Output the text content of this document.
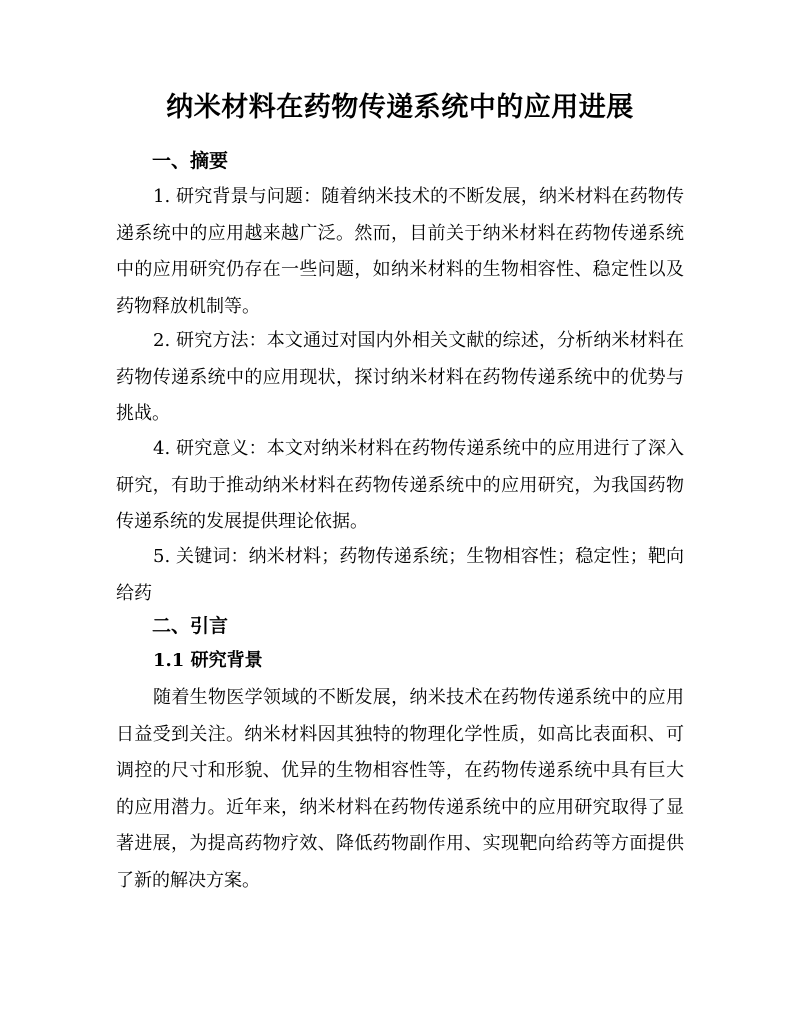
纳米材料在药物传递系统中的应用进展
一、摘要

1. 研究背景与问题：随着纳米技术的不断发展，纳米材料在药物传递系统中的应用越来越广泛。然而，目前关于纳米材料在药物传递系统中的应用研究仍存在一些问题，如纳米材料的生物相容性、稳定性以及药物释放机制等。

2. 研究方法：本文通过对国内外相关文献的综述，分析纳米材料在药物传递系统中的应用现状，探讨纳米材料在药物传递系统中的优势与挑战。

4. 研究意义：本文对纳米材料在药物传递系统中的应用进行了深入研究，有助于推动纳米材料在药物传递系统中的应用研究，为我国药物传递系统的发展提供理论依据。

5. 关键词：纳米材料；药物传递系统；生物相容性；稳定性；靶向给药

二、引言
1.1 研究背景

随着生物医学领域的不断发展，纳米技术在药物传递系统中的应用日益受到关注。纳米材料因其独特的物理化学性质，如高比表面积、可调控的尺寸和形貌、优异的生物相容性等，在药物传递系统中具有巨大的应用潜力。近年来，纳米材料在药物传递系统中的应用研究取得了显著进展，为提高药物疗效、降低药物副作用、实现靶向给药等方面提供了新的解决方案。
